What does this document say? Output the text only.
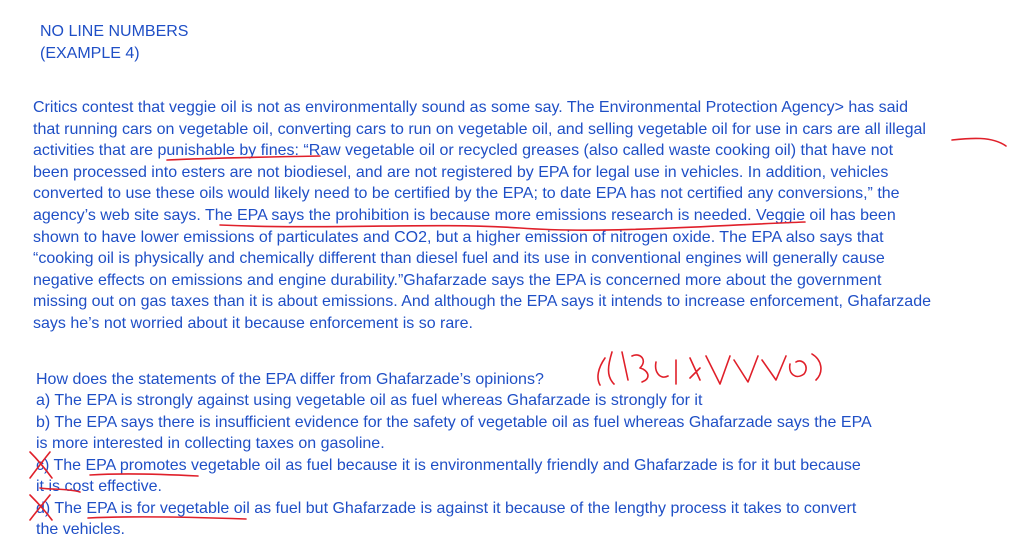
NO LINE NUMBERS
(EXAMPLE 4)
Critics contest that veggie oil is not as environmentally sound as some say. The Environmental Protection Agency> has said
that running cars on vegetable oil, converting cars to run on vegetable oil, and selling vegetable oil for use in cars are all illegal
activities that are punishable by fines: “Raw vegetable oil or recycled greases (also called waste cooking oil) that have not
been processed into esters are not biodiesel, and are not registered by EPA for legal use in vehicles. In addition, vehicles
converted to use these oils would likely need to be certified by the EPA; to date EPA has not certified any conversions,” the
agency’s web site says. The EPA says the prohibition is because more emissions research is needed. Veggie oil has been
shown to have lower emissions of particulates and CO2, but a higher emission of nitrogen oxide. The EPA also says that
“cooking oil is physically and chemically different than diesel fuel and its use in conventional engines will generally cause
negative effects on emissions and engine durability.”Ghafarzade says the EPA is concerned more about the government
missing out on gas taxes than it is about emissions. And although the EPA says it intends to increase enforcement, Ghafarzade
says he’s not worried about it because enforcement is so rare.
How does the statements of the EPA differ from Ghafarzade’s opinions?
a) The EPA is strongly against using vegetable oil as fuel whereas Ghafarzade is strongly for it
b) The EPA says there is insufficient evidence for the safety of vegetable oil as fuel whereas Ghafarzade says the EPA
is more interested in collecting taxes on gasoline.
c) The EPA promotes vegetable oil as fuel because it is environmentally friendly and Ghafarzade is for it but because
it is cost effective.
d) The EPA is for vegetable oil as fuel but Ghafarzade is against it because of the lengthy process it takes to convert
the vehicles.
